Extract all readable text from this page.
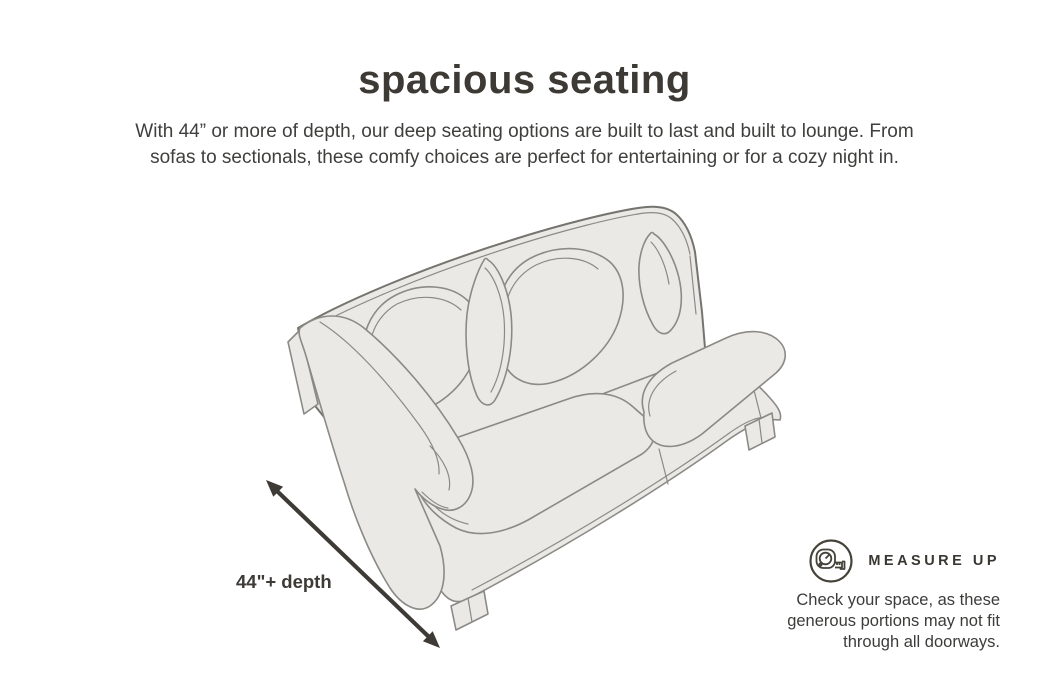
spacious seating
With 44” or more of depth, our deep seating options are built to last and built to lounge. From
sofas to sectionals, these comfy choices are perfect for entertaining or for a cozy night in.
44"+ depth
MEASURE UP

Check your space, as these
generous portions may not fit
through all doorways.
